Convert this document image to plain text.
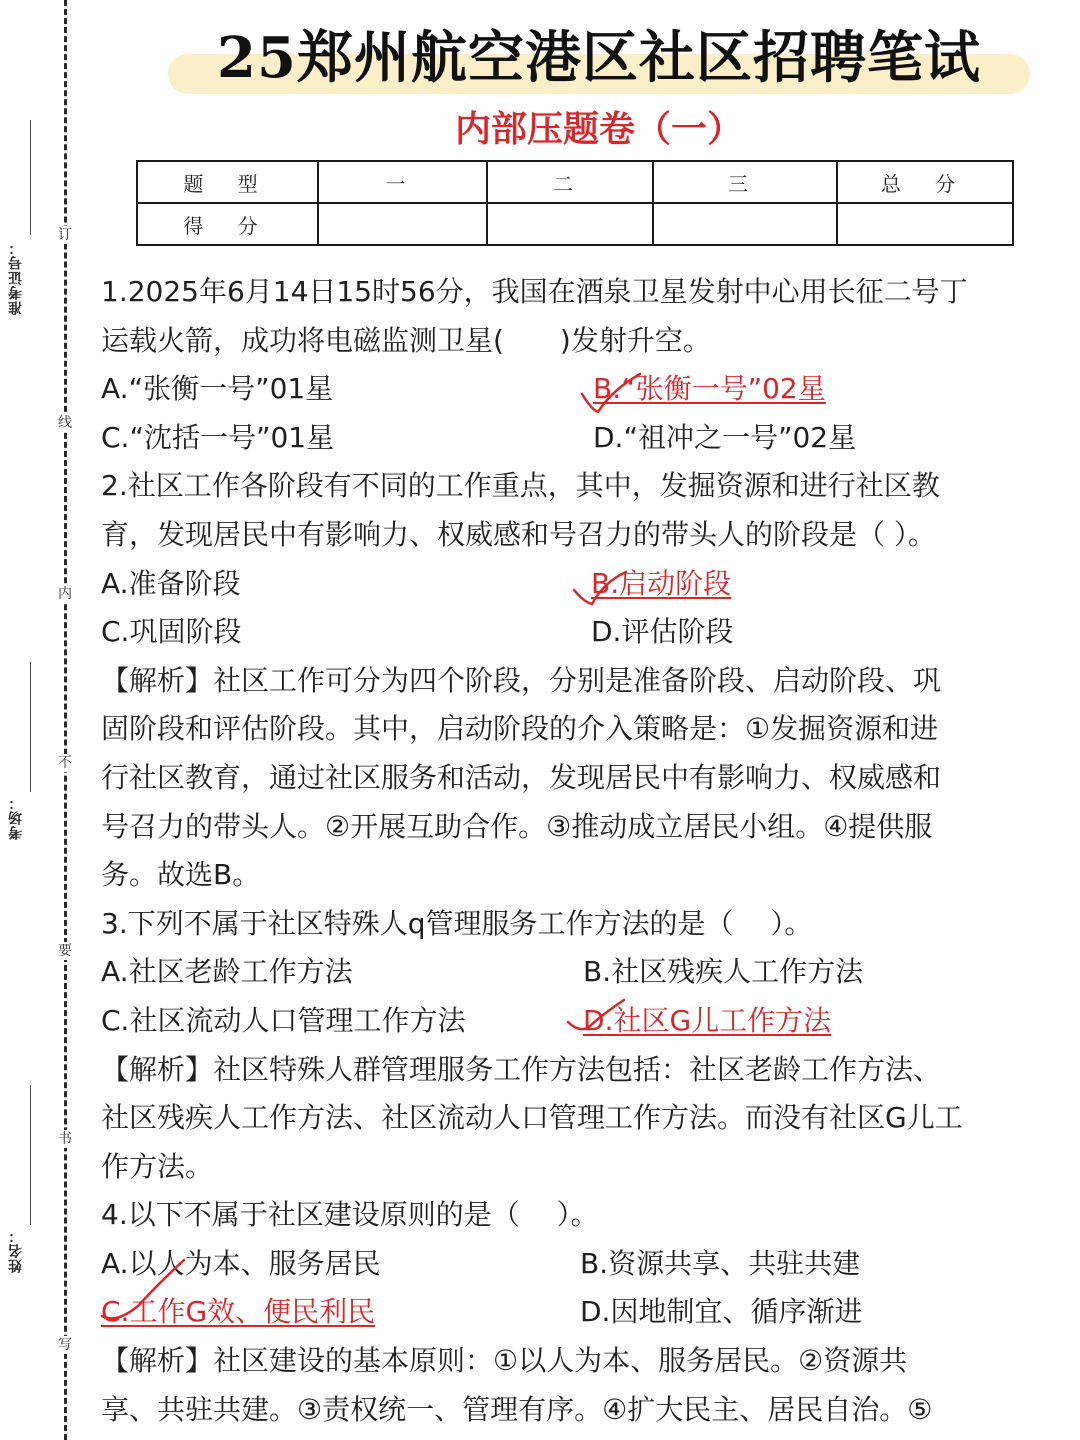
订
线
内
不
要
书
写
准考证号：
考场：
姓名：
25郑州航空港区社区招聘笔试
内部压题卷（一）
题 型	一	二	三	总 分
得 分				

1.2025年6月14日15时56分，我国在酒泉卫星发射中心用长征二号丁

运载火箭，成功将电磁监测卫星(　　)发射升空。

A.“张衡一号”01星	B.“张衡一号”02星
C.“沈括一号”01星	D.“祖冲之一号”02星

2.社区工作各阶段有不同的工作重点，其中，发掘资源和进行社区教

育，发现居民中有影响力、权威感和号召力的带头人的阶段是（ ）。

A.准备阶段	B.启动阶段
C.巩固阶段	D.评估阶段

【解析】社区工作可分为四个阶段，分别是准备阶段、启动阶段、巩

固阶段和评估阶段。其中，启动阶段的介入策略是：①发掘资源和进

行社区教育，通过社区服务和活动，发现居民中有影响力、权威感和

号召力的带头人。②开展互助合作。③推动成立居民小组。④提供服

务。故选B。

3.下列不属于社区特殊人q管理服务工作方法的是（　 ）。

A.社区老龄工作方法	B.社区残疾人工作方法
C.社区流动人口管理工作方法	D.社区G儿工作方法

【解析】社区特殊人群管理服务工作方法包括：社区老龄工作方法、

社区残疾人工作方法、社区流动人口管理工作方法。而没有社区G儿工

作方法。

4.以下不属于社区建设原则的是（　 ）。

A.以人为本、服务居民	B.资源共享、共驻共建
C.工作G效、便民利民	D.因地制宜、循序渐进

【解析】社区建设的基本原则：①以人为本、服务居民。②资源共

享、共驻共建。③责权统一、管理有序。④扩大民主、居民自治。⑤
